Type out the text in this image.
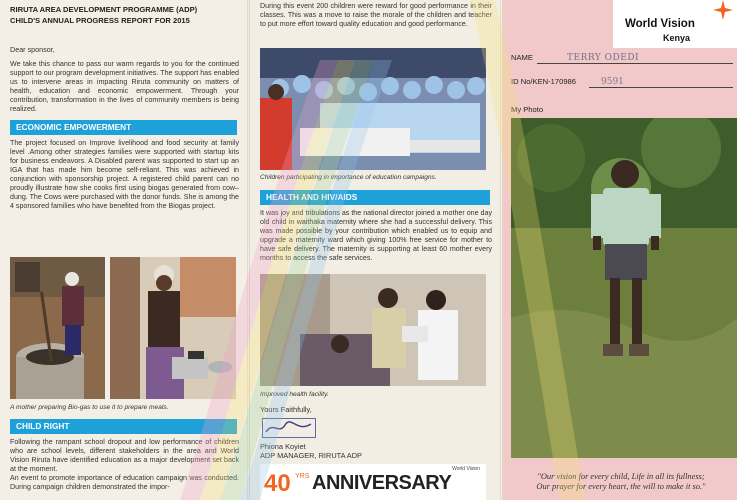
RIRUTA AREA DEVELOPMENT PROGRAMME (ADP)
CHILD'S ANNUAL PROGRESS REPORT FOR 2015
Dear sponsor,
We take this chance to pass our warm regards to you for the continued support to our program development initiatives. The support has enabled us to intervene areas in impacting Riruta community on matters of health, education and economic empowerment. Through your contribution, transformation in the lives of community members is being realized.
ECONOMIC EMPOWERMENT
The project focused on Improve livelihood and food security at family level .Among other strategies families were supported with startup kits for business endeavors. A Disabled parent was supported to start up an IGA that has made him become self-reliant. This was achieved in conjunction with sponsorship project. A registered child parent can no proudly illustrate how she cooks first using biogas generated from cow–dung. The Cows were purchased with the donor funds. She is among the 4 sponsored families who have benefited from the Biogas project.
A mother preparing Bio-gas to use it to prepare meals.
CHILD RIGHT
Following the rampant school dropout and low performance of children who are school levels, different stakeholders in the area and World Vision Riruta have identified education as a major development set back at the moment.
An event to promote importance of education campaign was conducted. During campaign children demonstrated the impor-
During this event 200 children were reward for good performance in their classes. This was a move to raise the morale of the children and teacher to put more effort toward quality education and good performance.
Children participating in importance of education campaigns.
HEALTH AND HIV/AIDS
It was joy and tribulations as the national director joined a mother one day old child in waithaka maternity where she had a successful delivery. This was made possible by your contribution which enabled us to equip and upgrade a maternity ward which giving 100% free service for mother to have safe delivery. The maternity is supporting at least 60 mother every months to access the safe services.
Improved health facility.
Yours Faithfully,
Phiona Koyiet
ADP MANAGER, RIRUTA ADP
40 YRS ANNIVERSARY
World Vision
World Vision
Kenya
NAME	TERRY ODEDI
ID No/KEN-170986	9591
My Photo
"Our vision for every child, Life in all its fullness;
Our prayer for every heart, the will to make it so."
